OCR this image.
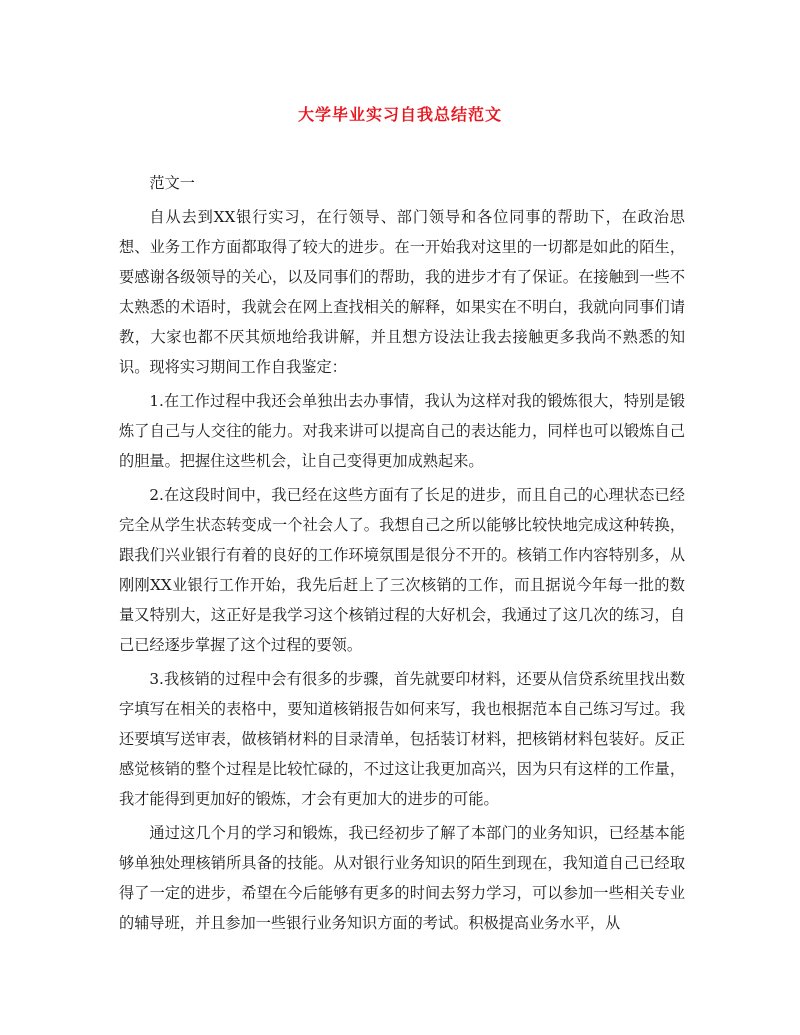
大学毕业实习自我总结范文

范文一

自从去到XX银行实习，在行领导、部门领导和各位同事的帮助下，在政治思想、业务工作方面都取得了较大的进步。在一开始我对这里的一切都是如此的陌生，要感谢各级领导的关心，以及同事们的帮助，我的进步才有了保证。在接触到一些不太熟悉的术语时，我就会在网上查找相关的解释，如果实在不明白，我就向同事们请教，大家也都不厌其烦地给我讲解，并且想方设法让我去接触更多我尚不熟悉的知识。现将实习期间工作自我鉴定：

1.在工作过程中我还会单独出去办事情，我认为这样对我的锻炼很大，特别是锻炼了自己与人交往的能力。对我来讲可以提高自己的表达能力，同样也可以锻炼自己的胆量。把握住这些机会，让自己变得更加成熟起来。

2.在这段时间中，我已经在这些方面有了长足的进步，而且自己的心理状态已经完全从学生状态转变成一个社会人了。我想自己之所以能够比较快地完成这种转换，跟我们兴业银行有着的良好的工作环境氛围是很分不开的。核销工作内容特别多，从刚刚XX业银行工作开始，我先后赶上了三次核销的工作，而且据说今年每一批的数量又特别大，这正好是我学习这个核销过程的大好机会，我通过了这几次的练习，自己已经逐步掌握了这个过程的要领。

3.我核销的过程中会有很多的步骤，首先就要印材料，还要从信贷系统里找出数字填写在相关的表格中，要知道核销报告如何来写，我也根据范本自己练习写过。我还要填写送审表，做核销材料的目录清单，包括装订材料，把核销材料包装好。反正感觉核销的整个过程是比较忙碌的，不过这让我更加高兴，因为只有这样的工作量，我才能得到更加好的锻炼，才会有更加大的进步的可能。

通过这几个月的学习和锻炼，我已经初步了解了本部门的业务知识，已经基本能够单独处理核销所具备的技能。从对银行业务知识的陌生到现在，我知道自己已经取得了一定的进步，希望在今后能够有更多的时间去努力学习，可以参加一些相关专业的辅导班，并且参加一些银行业务知识方面的考试。积极提高业务水平，从
